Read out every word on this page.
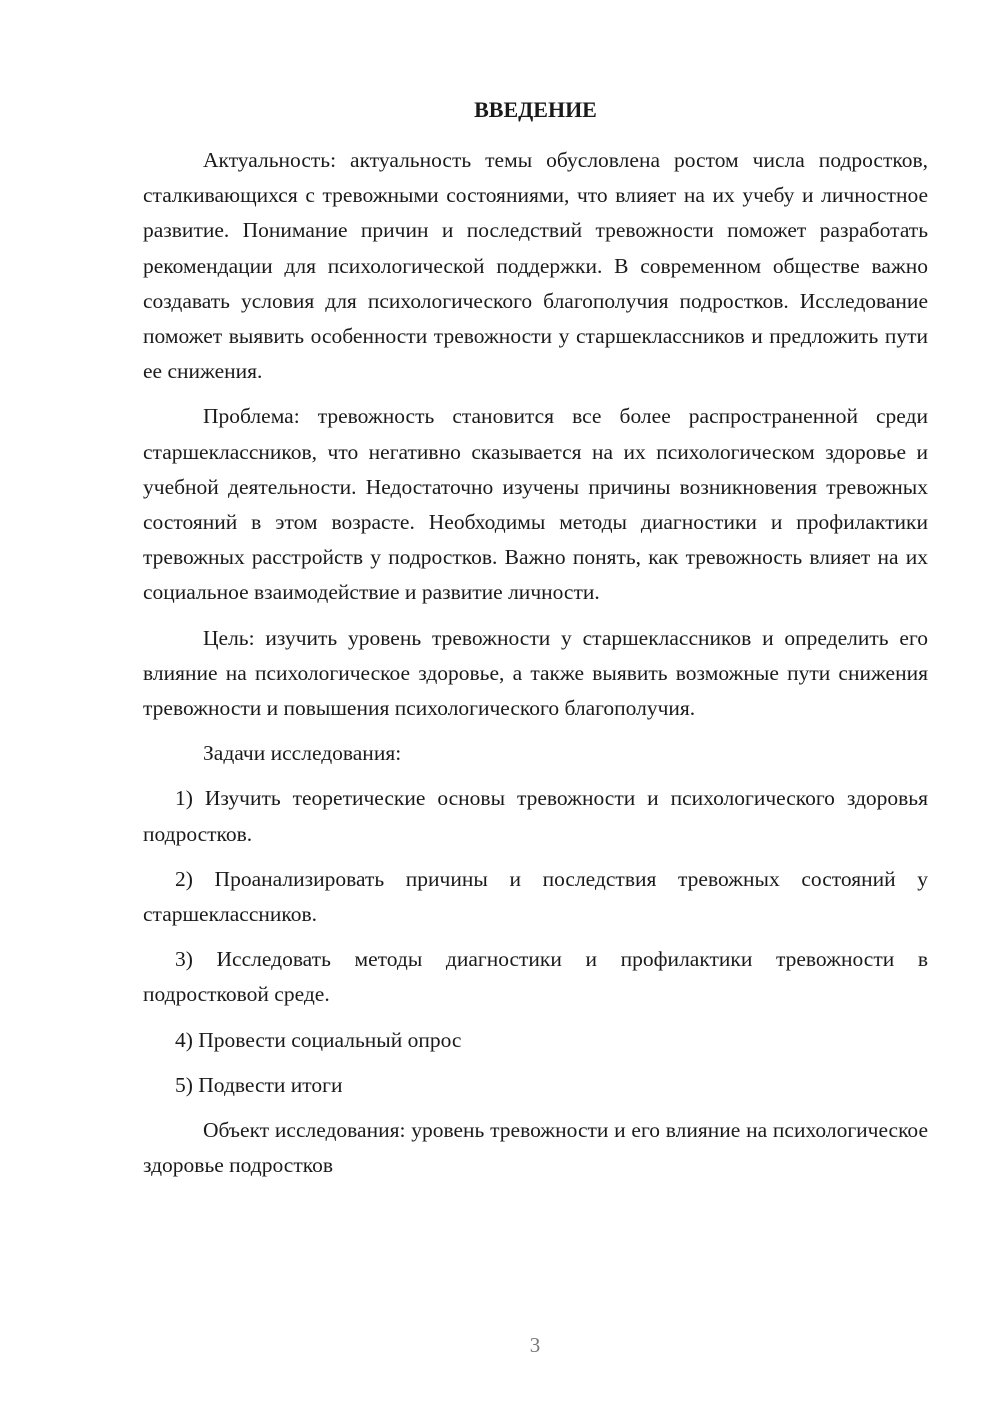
ВВЕДЕНИЕ

Актуальность: актуальность темы обусловлена ростом числа подростков, сталкивающихся с тревожными состояниями, что влияет на их учебу и личностное развитие. Понимание причин и последствий тревожности поможет разработать рекомендации для психологической поддержки. В современном обществе важно создавать условия для психологического благополучия подростков. Исследование поможет выявить особенности тревожности у старшеклассников и предложить пути ее снижения.

Проблема: тревожность становится все более распространенной среди старшеклассников, что негативно сказывается на их психологическом здоровье и учебной деятельности. Недостаточно изучены причины возникновения тревожных состояний в этом возрасте. Необходимы методы диагностики и профилактики тревожных расстройств у подростков. Важно понять, как тревожность влияет на их социальное взаимодействие и развитие личности.

Цель: изучить уровень тревожности у старшеклассников и определить его влияние на психологическое здоровье, а также выявить возможные пути снижения тревожности и повышения психологического благополучия.

Задачи исследования:

1) Изучить теоретические основы тревожности и психологического здоровья подростков.

2) Проанализировать причины и последствия тревожных состояний у старшеклассников.

3) Исследовать методы диагностики и профилактики тревожности в подростковой среде.

4) Провести социальный опрос

5) Подвести итоги

Объект исследования: уровень тревожности и его влияние на психологическое здоровье подростков

3
